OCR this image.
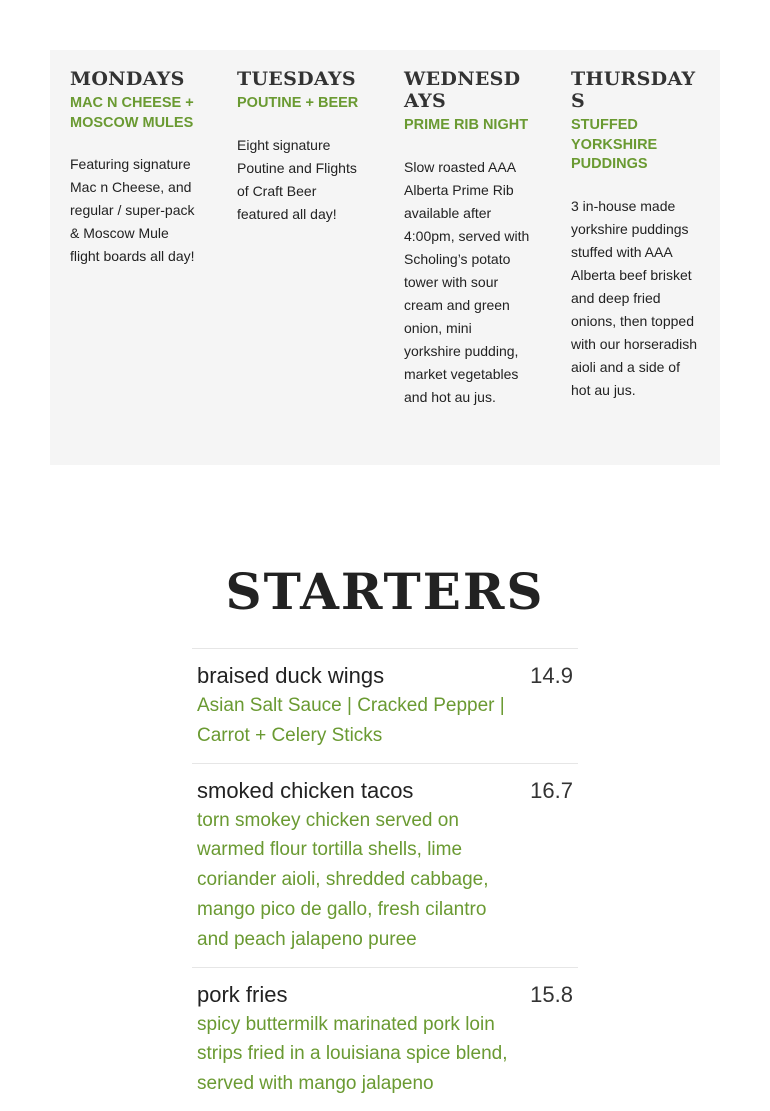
MONDAYS
MAC N CHEESE + MOSCOW MULES

Featuring signature Mac n Cheese, and regular / super-pack & Moscow Mule flight boards all day!

TUESDAYS
POUTINE + BEER

Eight signature Poutine and Flights of Craft Beer featured all day!

WEDNESDAYS
PRIME RIB NIGHT

Slow roasted AAA Alberta Prime Rib available after 4:00pm, served with Scholing’s potato tower with sour cream and green onion, mini yorkshire pudding, market vegetables and hot au jus.

THURSDAYS
STUFFED YORKSHIRE PUDDINGS

3 in-house made yorkshire puddings stuffed with AAA Alberta beef brisket and deep fried onions, then topped with our horseradish aioli and a side of hot au jus.

STARTERS

braised duck wings

Asian Salt Sauce | Cracked Pepper | Carrot + Celery Sticks

14.9

smoked chicken tacos

torn smokey chicken served on warmed flour tortilla shells, lime coriander aioli, shredded cabbage, mango pico de gallo, fresh cilantro and peach jalapeno puree

16.7

pork fries

spicy buttermilk marinated pork loin strips fried in a louisiana spice blend, served with mango jalapeno

15.8
